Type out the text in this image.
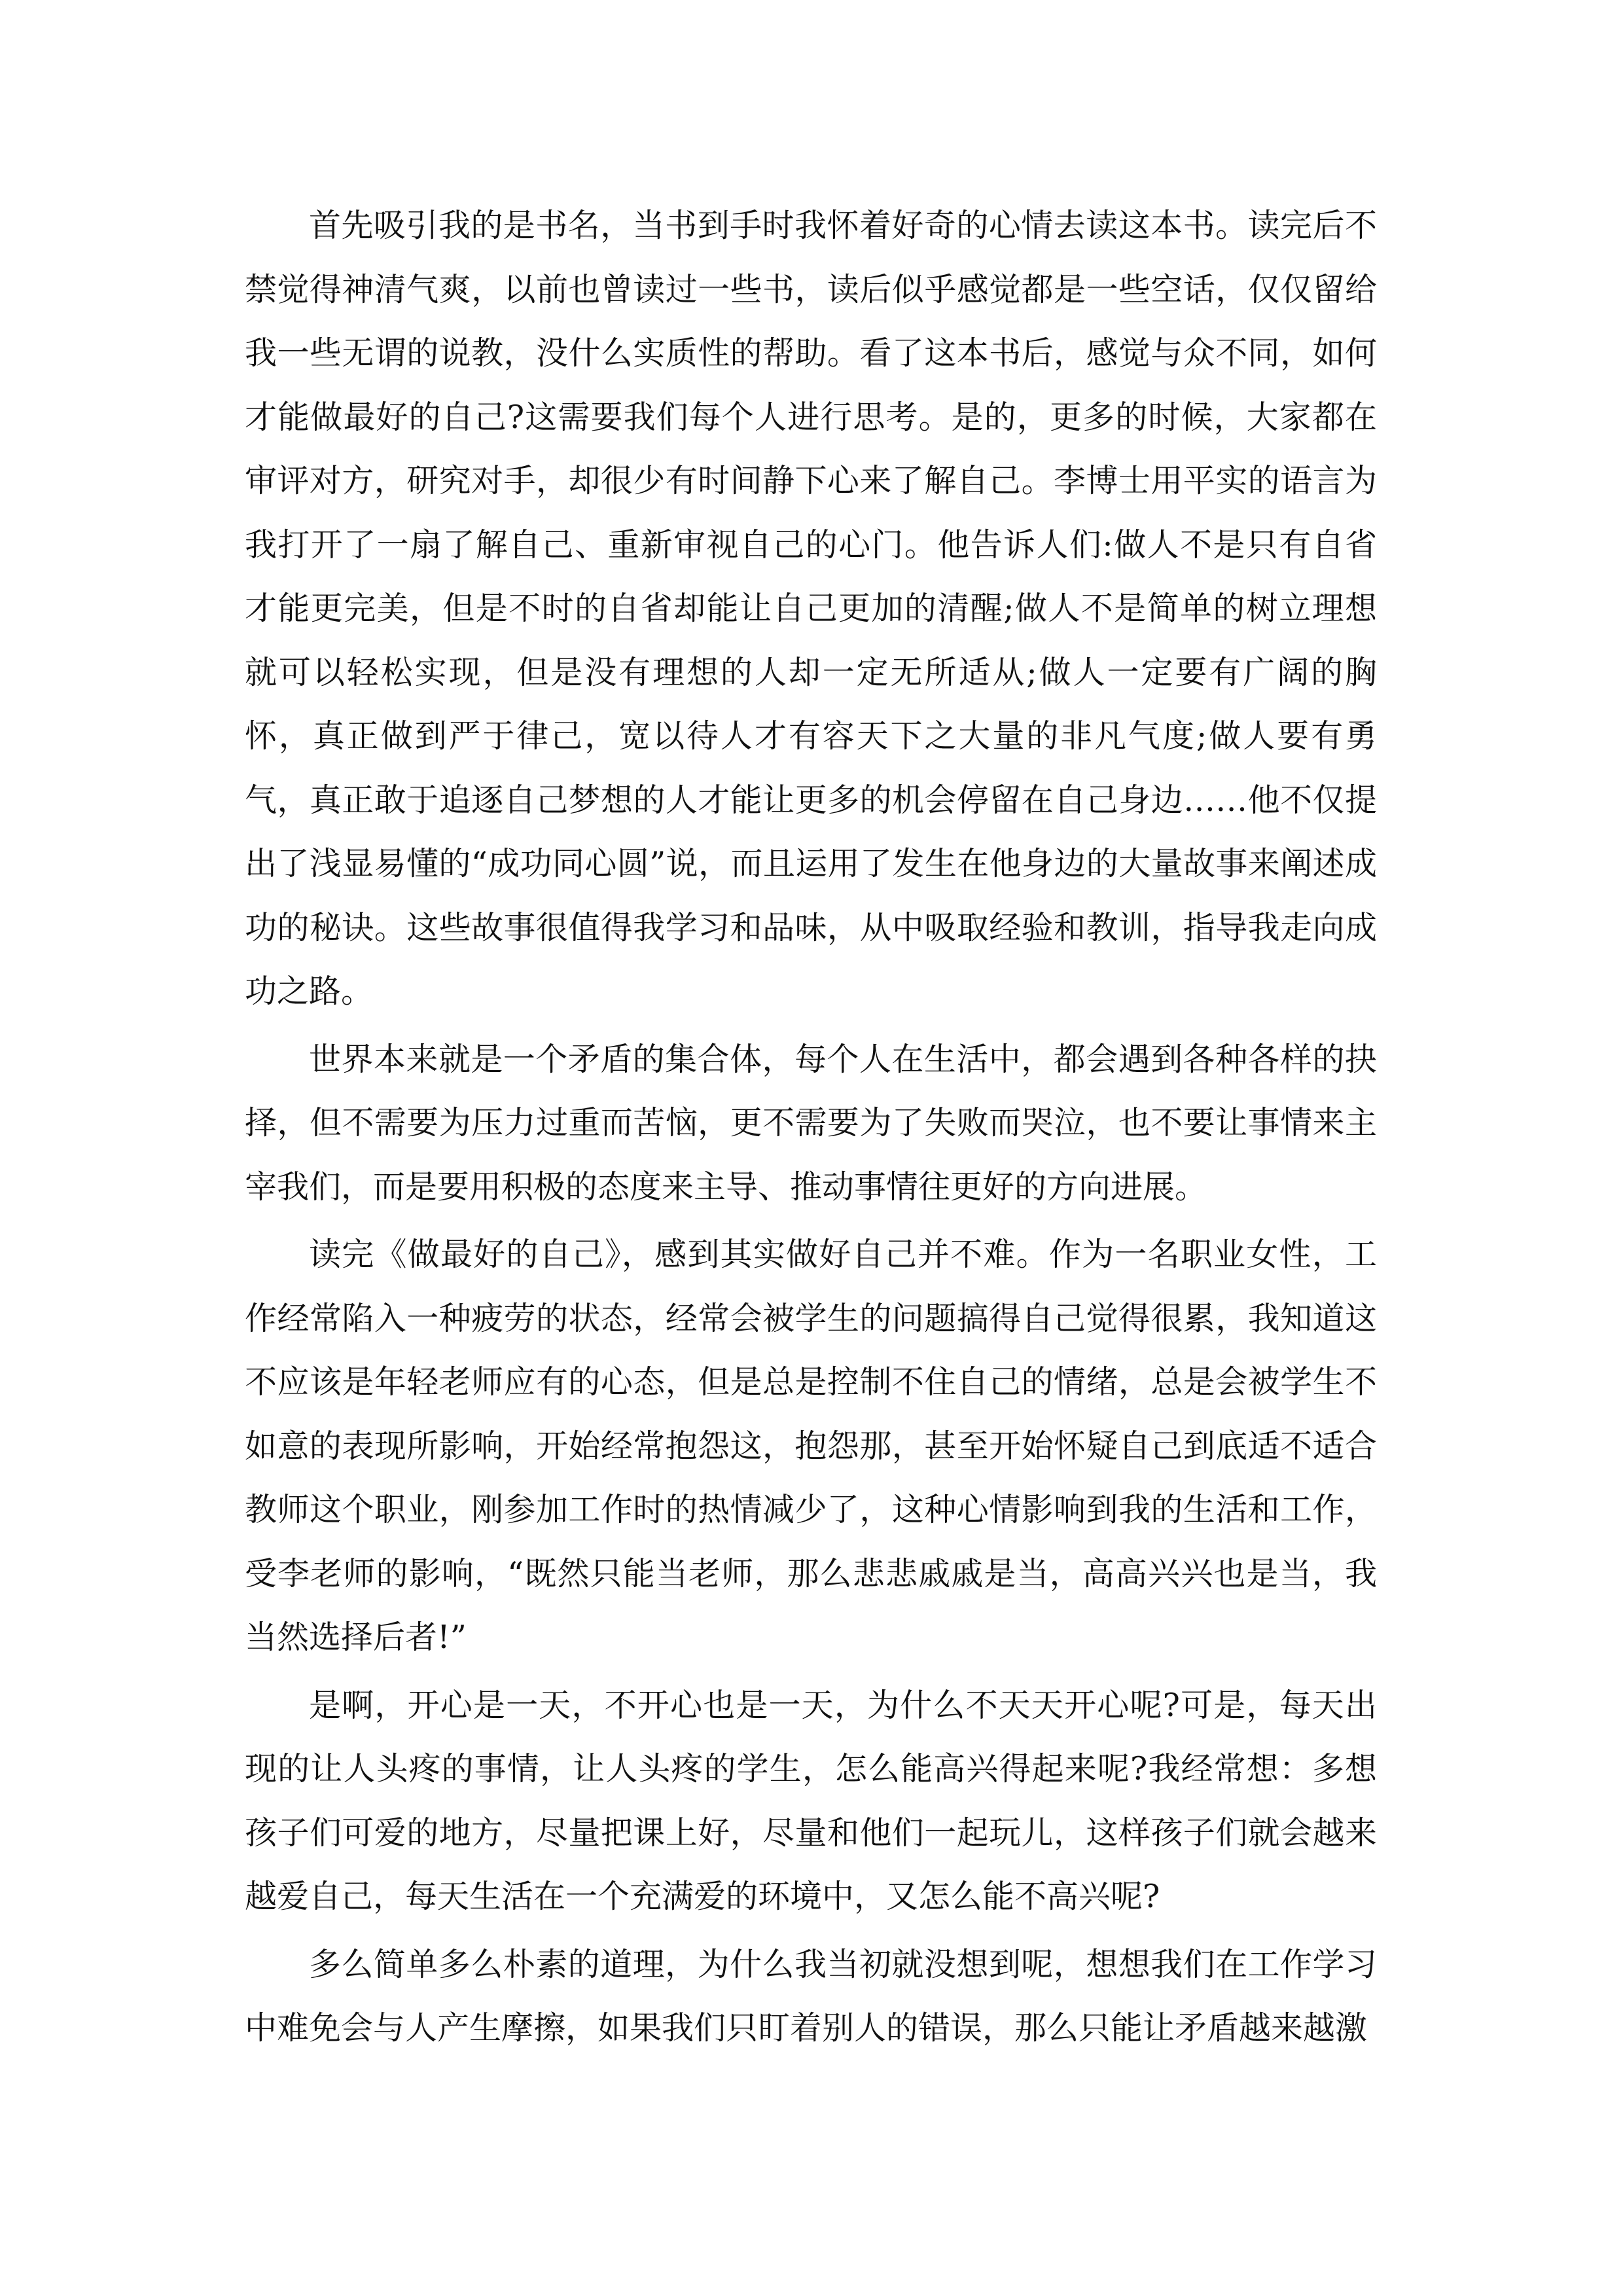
首先吸引我的是书名，当书到手时我怀着好奇的心情去读这本书。读完后不禁觉得神清气爽，以前也曾读过一些书，读后似乎感觉都是一些空话，仅仅留给我一些无谓的说教，没什么实质性的帮助。看了这本书后，感觉与众不同，如何才能做最好的自己?这需要我们每个人进行思考。是的，更多的时候，大家都在审评对方，研究对手，却很少有时间静下心来了解自己。李博士用平实的语言为我打开了一扇了解自己、重新审视自己的心门。他告诉人们:做人不是只有自省才能更完美，但是不时的自省却能让自己更加的清醒;做人不是简单的树立理想就可以轻松实现，但是没有理想的人却一定无所适从;做人一定要有广阔的胸怀，真正做到严于律己，宽以待人才有容天下之大量的非凡气度;做人要有勇气，真正敢于追逐自己梦想的人才能让更多的机会停留在自己身边……他不仅提出了浅显易懂的“成功同心圆”说，而且运用了发生在他身边的大量故事来阐述成功的秘诀。这些故事很值得我学习和品味，从中吸取经验和教训，指导我走向成功之路。

世界本来就是一个矛盾的集合体，每个人在生活中，都会遇到各种各样的抉择，但不需要为压力过重而苦恼，更不需要为了失败而哭泣，也不要让事情来主宰我们，而是要用积极的态度来主导、推动事情往更好的方向进展。

读完《做最好的自己》，感到其实做好自己并不难。作为一名职业女性，工作经常陷入一种疲劳的状态，经常会被学生的问题搞得自己觉得很累，我知道这不应该是年轻老师应有的心态，但是总是控制不住自己的情绪，总是会被学生不如意的表现所影响，开始经常抱怨这，抱怨那，甚至开始怀疑自己到底适不适合教师这个职业，刚参加工作时的热情减少了，这种心情影响到我的生活和工作，受李老师的影响，“既然只能当老师，那么悲悲戚戚是当，高高兴兴也是当，我当然选择后者!”

是啊，开心是一天，不开心也是一天，为什么不天天开心呢?可是，每天出现的让人头疼的事情，让人头疼的学生，怎么能高兴得起来呢?我经常想：多想孩子们可爱的地方，尽量把课上好，尽量和他们一起玩儿，这样孩子们就会越来越爱自己，每天生活在一个充满爱的环境中，又怎么能不高兴呢?

多么简单多么朴素的道理，为什么我当初就没想到呢，想想我们在工作学习中难免会与人产生摩擦，如果我们只盯着别人的错误，那么只能让矛盾越来越激
